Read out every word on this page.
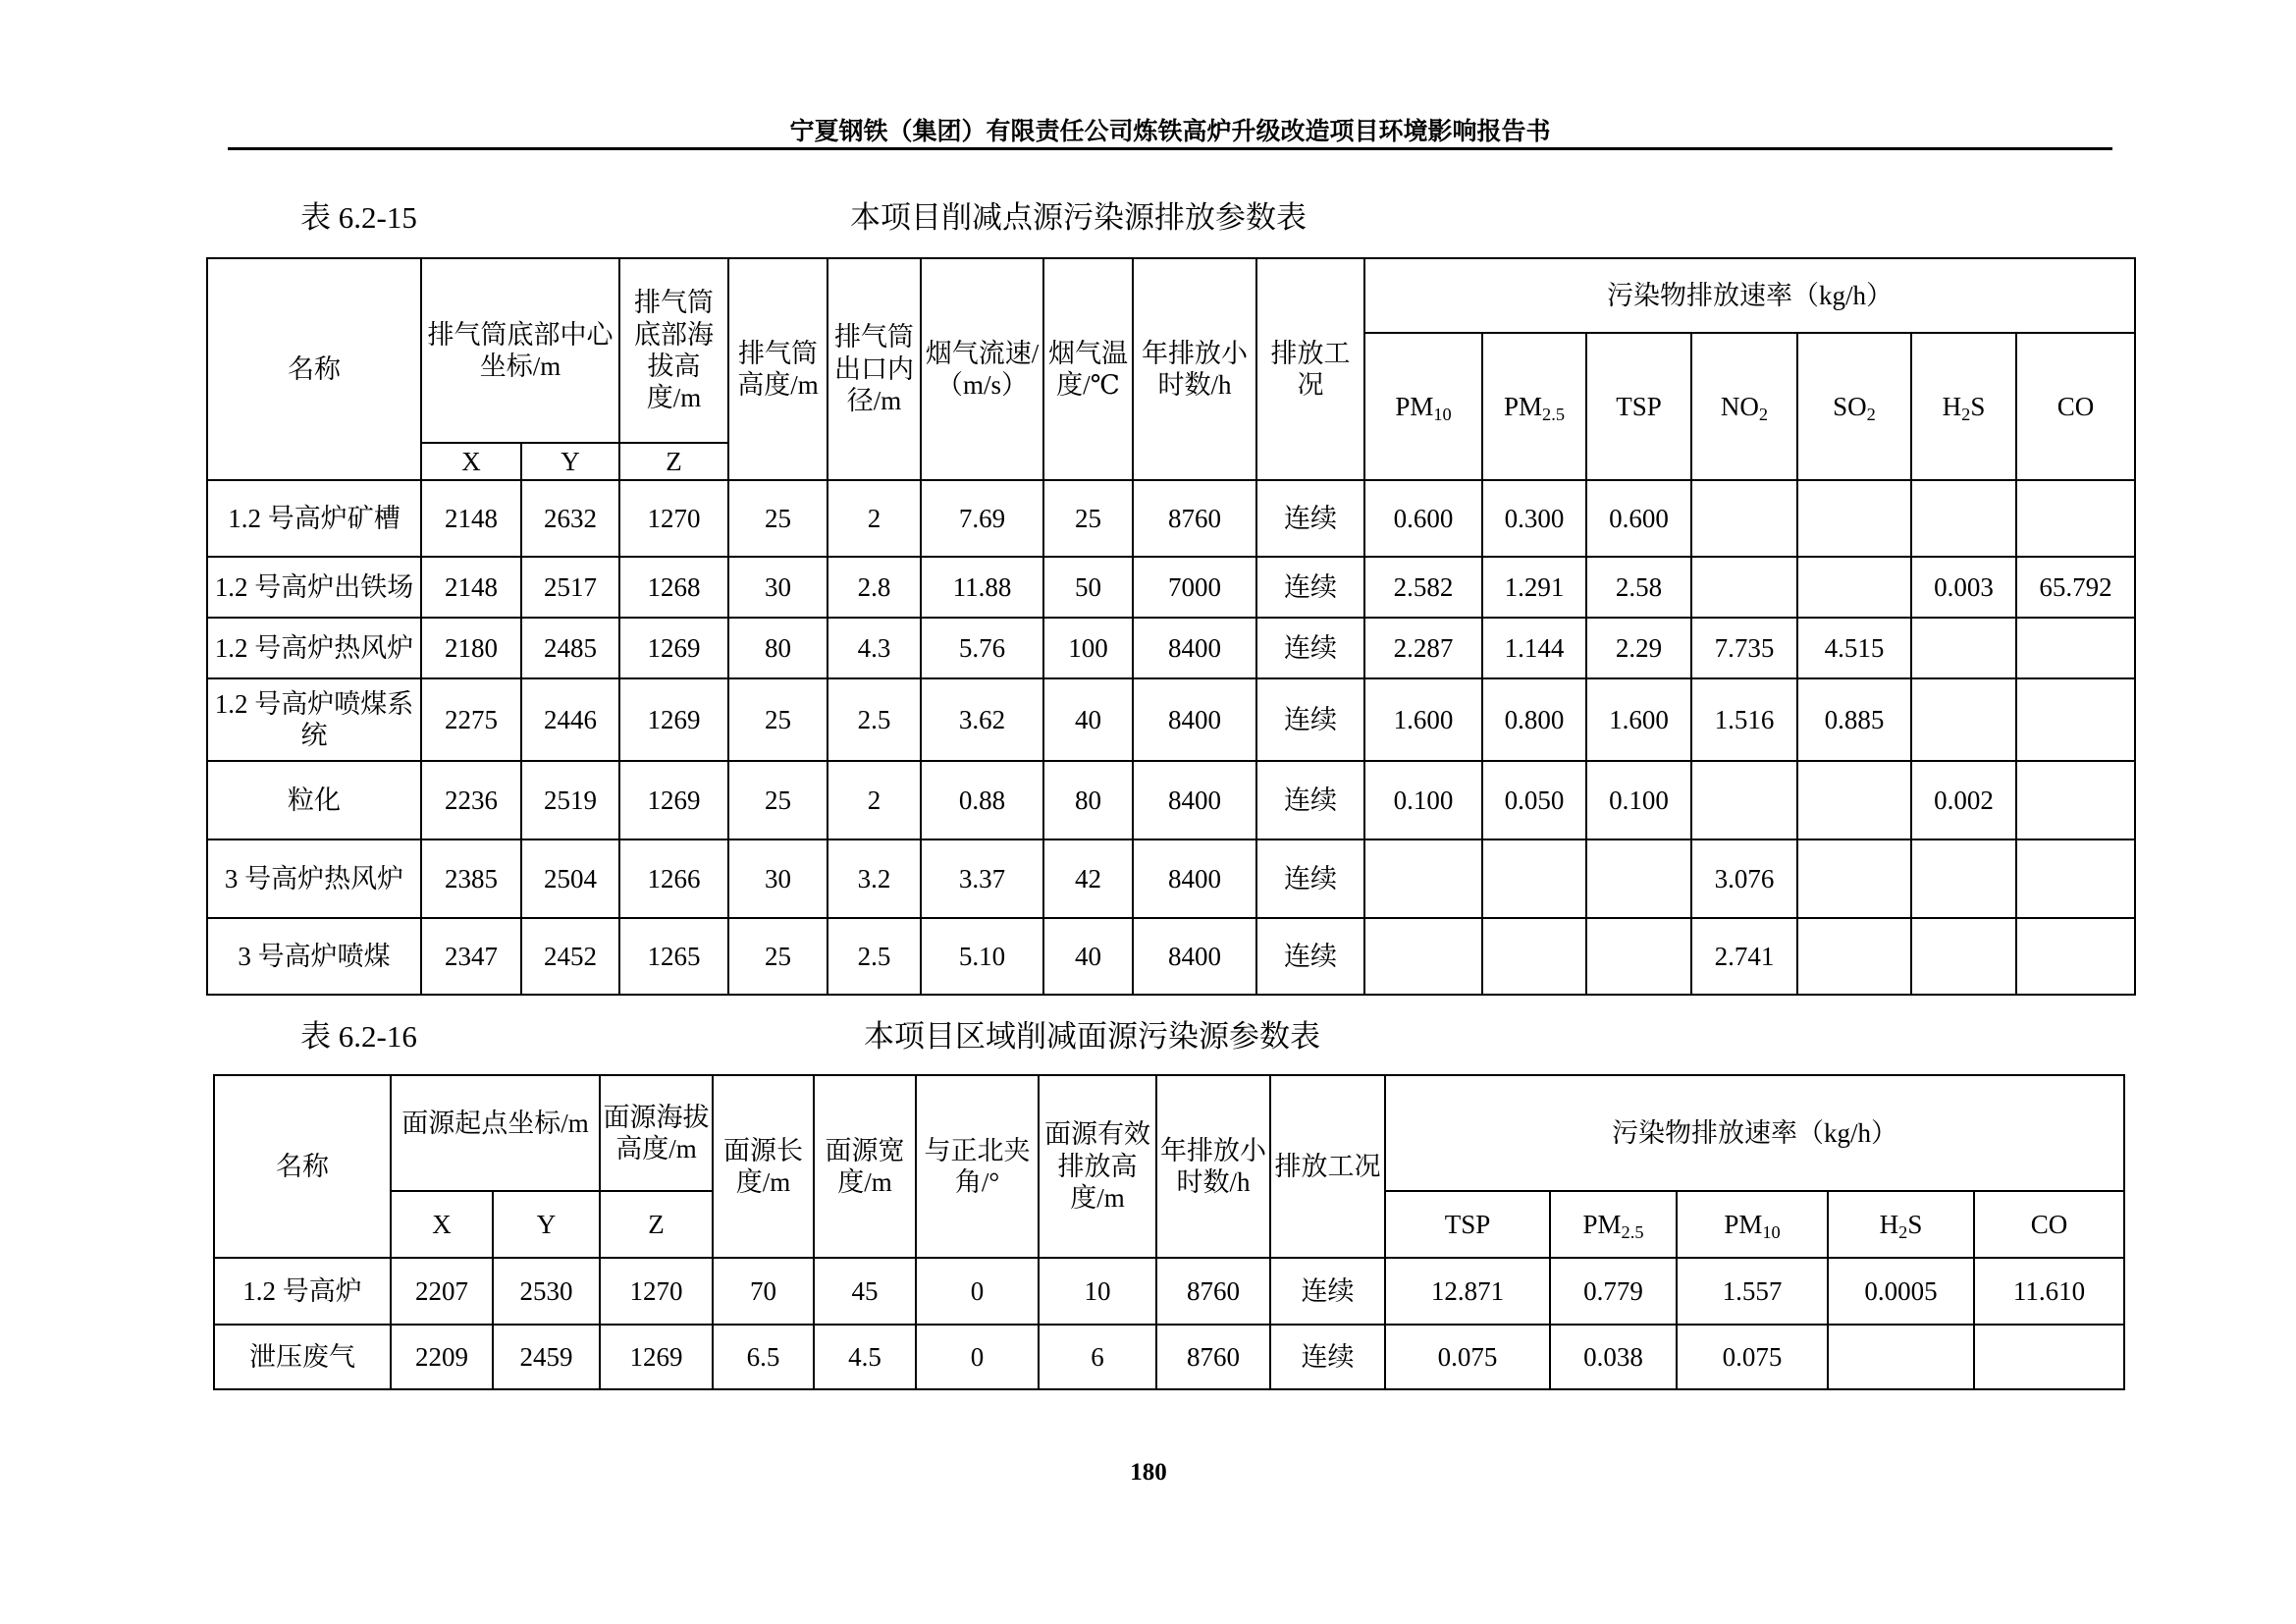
宁夏钢铁（集团）有限责任公司炼铁高炉升级改造项目环境影响报告书
表 6.2-15	本项目削减点源污染源排放参数表
名称	排气筒底部中心坐标/m		排气筒底部海拔高度/m	排气筒高度/m	排气筒出口内径/m	烟气流速/（m/s）	烟气温度/℃	年排放小时数/h	排放工况	污染物排放速率（kg/h）						
										$PM_{10}$	$PM_{2.5}$	TSP	$NO_2$	$SO_2$	$H_2S$	CO
	X	Y	Z													
1.2 号高炉矿槽	2148	2632	1270	25	2	7.69	25	8760	连续	0.600	0.300	0.600				
1.2 号高炉出铁场	2148	2517	1268	30	2.8	11.88	50	7000	连续	2.582	1.291	2.58			0.003	65.792
1.2 号高炉热风炉	2180	2485	1269	80	4.3	5.76	100	8400	连续	2.287	1.144	2.29	7.735	4.515		
1.2 号高炉喷煤系统	2275	2446	1269	25	2.5	3.62	40	8400	连续	1.600	0.800	1.600	1.516	0.885		
粒化	2236	2519	1269	25	2	0.88	80	8400	连续	0.100	0.050	0.100			0.002	
3 号高炉热风炉	2385	2504	1266	30	3.2	3.37	42	8400	连续				3.076			
3 号高炉喷煤	2347	2452	1265	25	2.5	5.10	40	8400	连续				2.741			
表 6.2-16	本项目区域削减面源污染源参数表
名称	面源起点坐标/m		面源海拔高度/m	面源长度/m	面源宽度/m	与正北夹角/°	面源有效排放高度/m	年排放小时数/h	排放工况	污染物排放速率（kg/h）				
	X	Y	Z							TSP	$PM_{2.5}$	$PM_{10}$	$H_2S$	CO
1.2 号高炉	2207	2530	1270	70	45	0	10	8760	连续	12.871	0.779	1.557	0.0005	11.610
泄压废气	2209	2459	1269	6.5	4.5	0	6	8760	连续	0.075	0.038	0.075		
180
